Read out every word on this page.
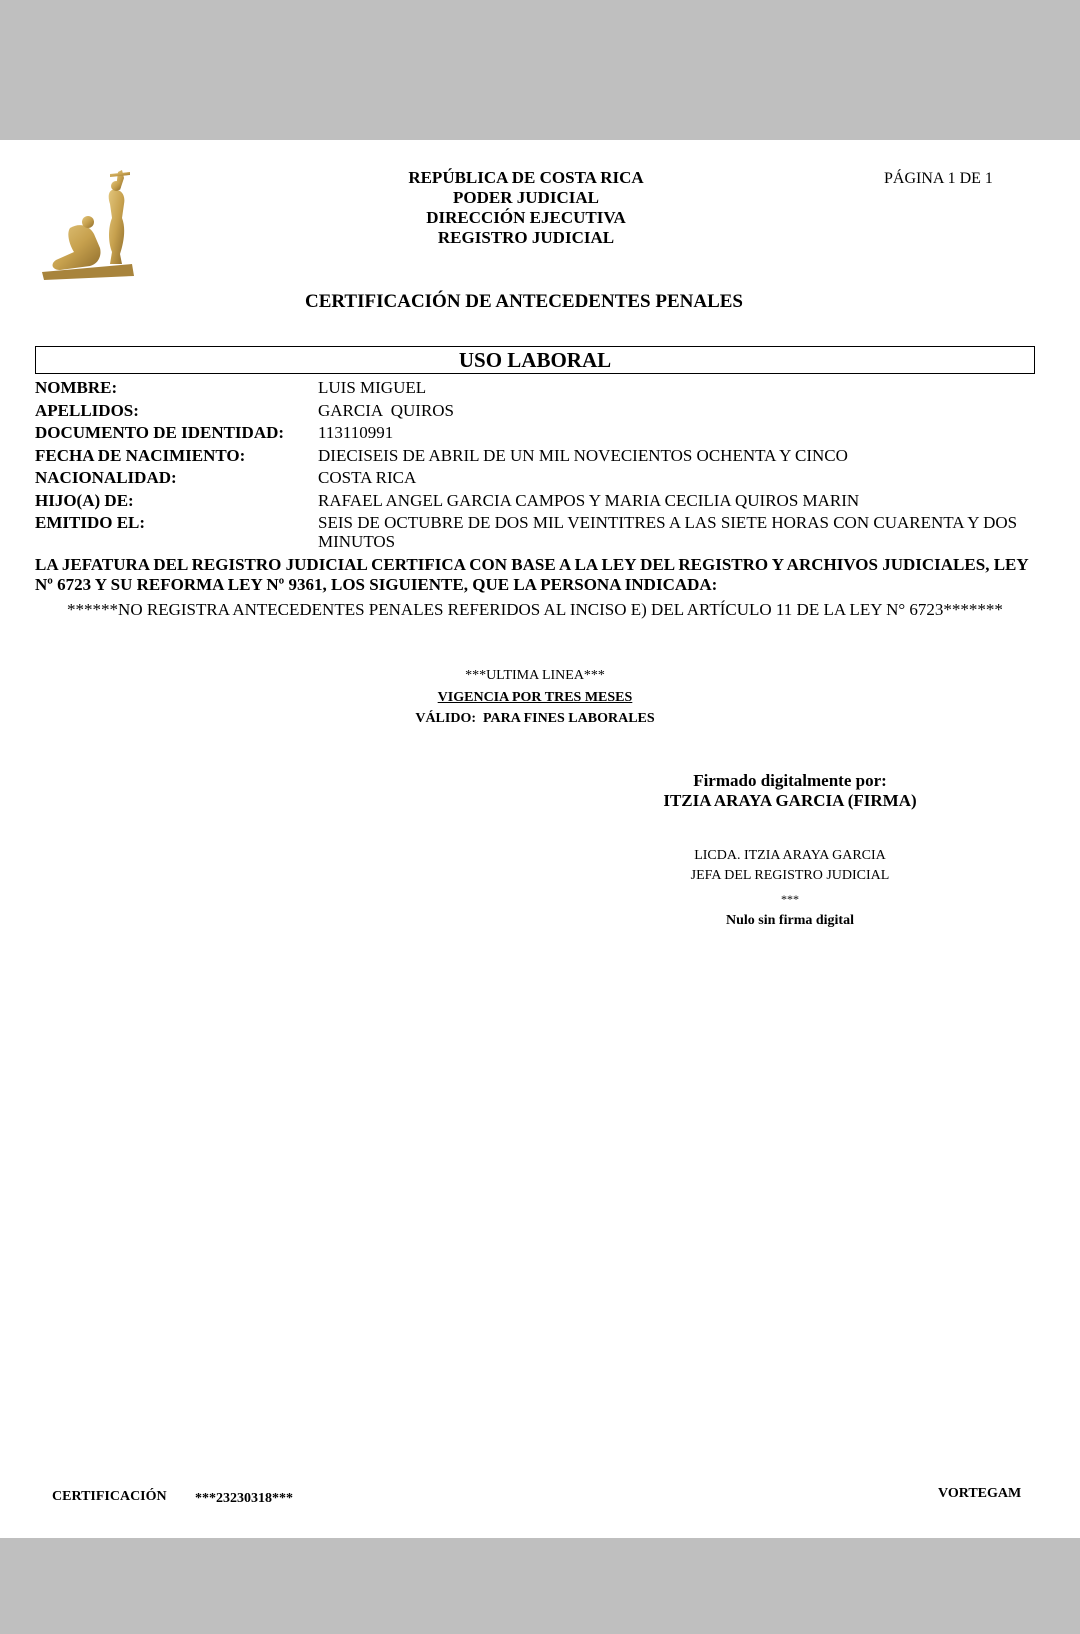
REPÚBLICA DE COSTA RICA
PODER JUDICIAL
DIRECCIÓN EJECUTIVA
REGISTRO JUDICIAL
PÁGINA 1 DE 1
CERTIFICACIÓN DE ANTECEDENTES PENALES
USO LABORAL
NOMBRE:	LUIS MIGUEL
APELLIDOS:	GARCIA  QUIROS
DOCUMENTO DE IDENTIDAD: 113110991
FECHA DE NACIMIENTO:	DIECISEIS DE ABRIL DE UN MIL NOVECIENTOS OCHENTA Y CINCO
NACIONALIDAD:	COSTA RICA
HIJO(A) DE:	RAFAEL ANGEL GARCIA CAMPOS Y MARIA CECILIA QUIROS MARIN
EMITIDO EL:	SEIS DE OCTUBRE DE DOS MIL VEINTITRES A LAS SIETE HORAS CON CUARENTA Y DOS MINUTOS
LA JEFATURA DEL REGISTRO JUDICIAL CERTIFICA CON BASE A LA LEY DEL REGISTRO Y ARCHIVOS JUDICIALES, LEY Nº 6723 Y SU REFORMA LEY Nº 9361, LOS SIGUIENTE, QUE LA PERSONA INDICADA:
******NO REGISTRA ANTECEDENTES PENALES REFERIDOS AL INCISO E) DEL ARTÍCULO 11 DE LA LEY N° 6723*******
***ULTIMA LINEA***
VIGENCIA POR TRES MESES
VÁLIDO:  PARA FINES LABORALES
Firmado digitalmente por:
ITZIA ARAYA GARCIA (FIRMA)
LICDA. ITZIA ARAYA GARCIA
JEFA DEL REGISTRO JUDICIAL
***
Nulo sin firma digital
CERTIFICACIÓN ***23230318***	VORTEGAM
